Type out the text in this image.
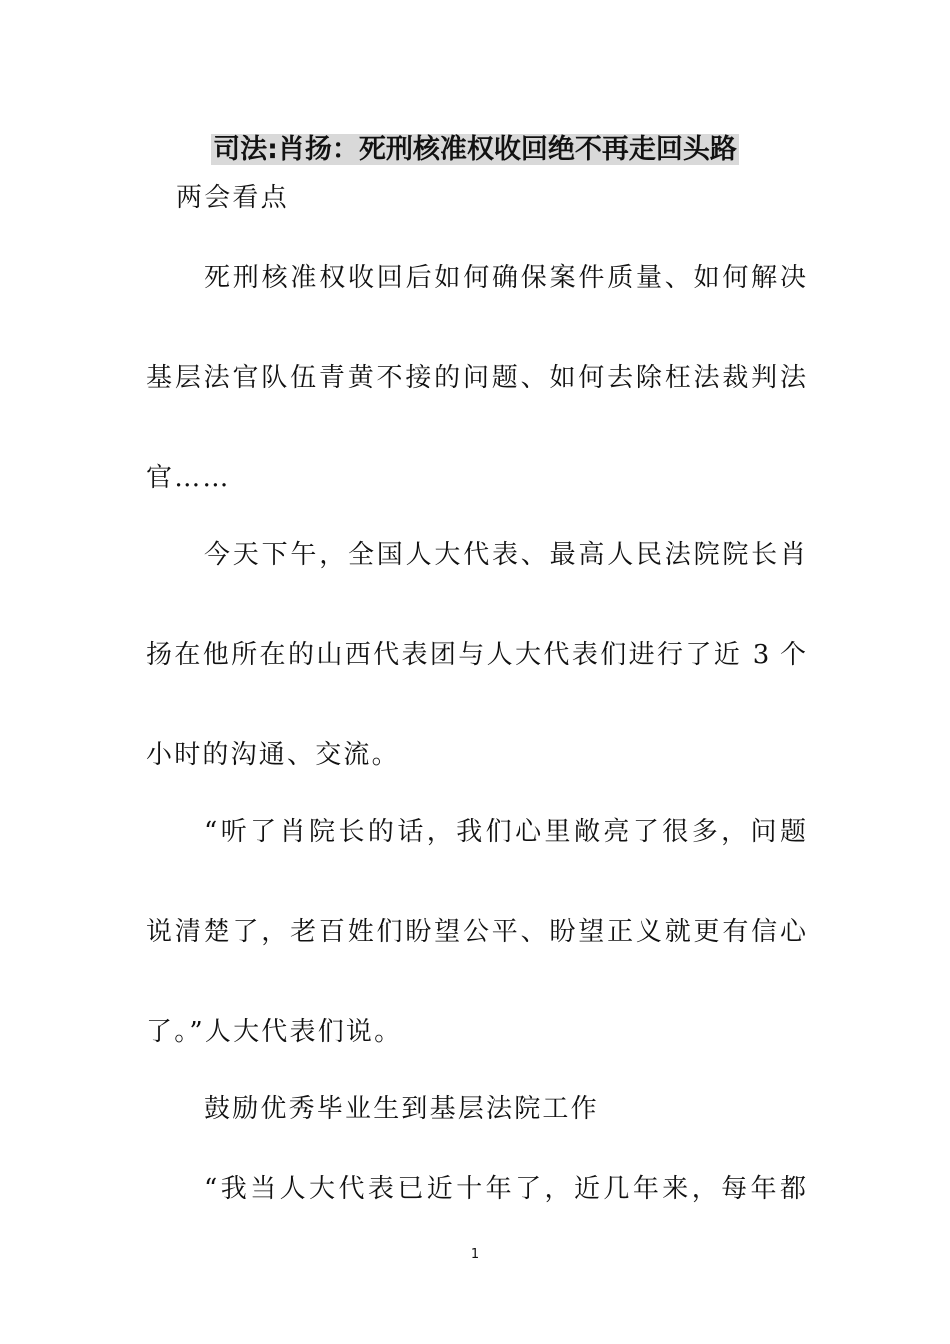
司法:肖扬：死刑核准权收回绝不再走回头路
两会看点
死刑核准权收回后如何确保案件质量、如何解决
基层法官队伍青黄不接的问题、如何去除枉法裁判法
官……
今天下午，全国人大代表、最高人民法院院长肖
扬在他所在的山西代表团与人大代表们进行了近 3 个
小时的沟通、交流。
“听了肖院长的话，我们心里敞亮了很多，问题
说清楚了，老百姓们盼望公平、盼望正义就更有信心
了。”人大代表们说。
鼓励优秀毕业生到基层法院工作
“我当人大代表已近十年了，近几年来，每年都
1
